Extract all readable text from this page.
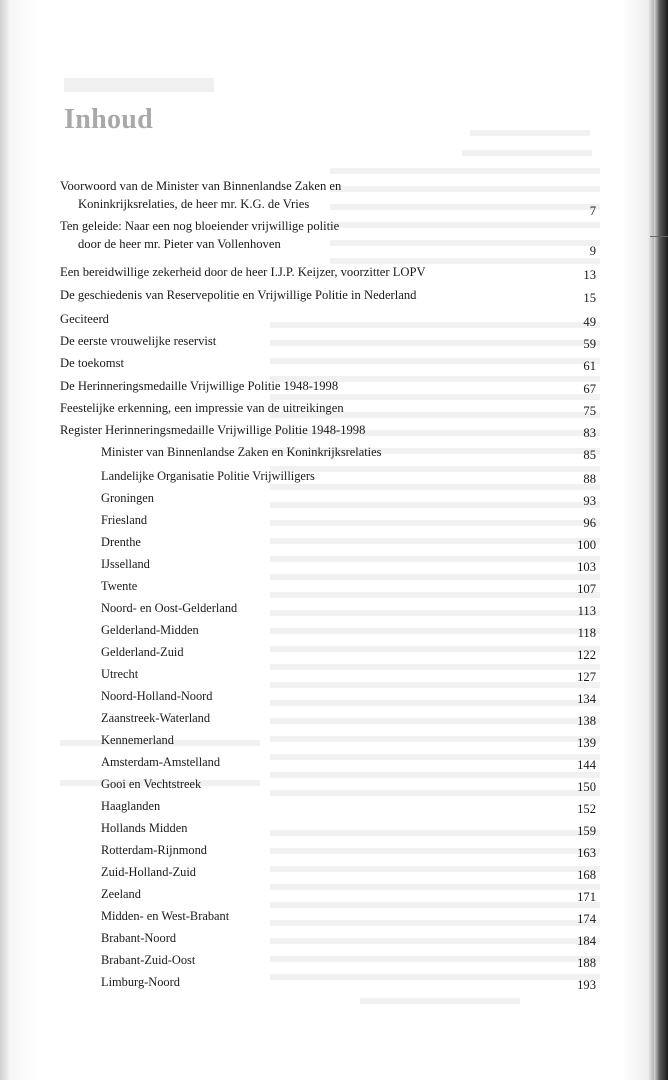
Inhoud
Voorwoord van de Minister van Binnenlandse Zaken en
Koninkrijksrelaties, de heer mr. K.G. de Vries	7
Ten geleide: Naar een nog bloeiender vrijwillige politie
door de heer mr. Pieter van Vollenhoven	9
Een bereidwillige zekerheid door de heer I.J.P. Keijzer, voorzitter LOPV	13
De geschiedenis van Reservepolitie en Vrijwillige Politie in Nederland	15
Geciteerd	49
De eerste vrouwelijke reservist	59
De toekomst	61
De Herinneringsmedaille Vrijwillige Politie 1948-1998	67
Feestelijke erkenning, een impressie van de uitreikingen	75
Register Herinneringsmedaille Vrijwillige Politie 1948-1998	83
Minister van Binnenlandse Zaken en Koninkrijksrelaties	85
Landelijke Organisatie Politie Vrijwilligers	88
Groningen	93
Friesland	96
Drenthe	100
IJsselland	103
Twente	107
Noord- en Oost-Gelderland	113
Gelderland-Midden	118
Gelderland-Zuid	122
Utrecht	127
Noord-Holland-Noord	134
Zaanstreek-Waterland	138
Kennemerland	139
Amsterdam-Amstelland	144
Gooi en Vechtstreek	150
Haaglanden	152
Hollands Midden	159
Rotterdam-Rijnmond	163
Zuid-Holland-Zuid	168
Zeeland	171
Midden- en West-Brabant	174
Brabant-Noord	184
Brabant-Zuid-Oost	188
Limburg-Noord	193
